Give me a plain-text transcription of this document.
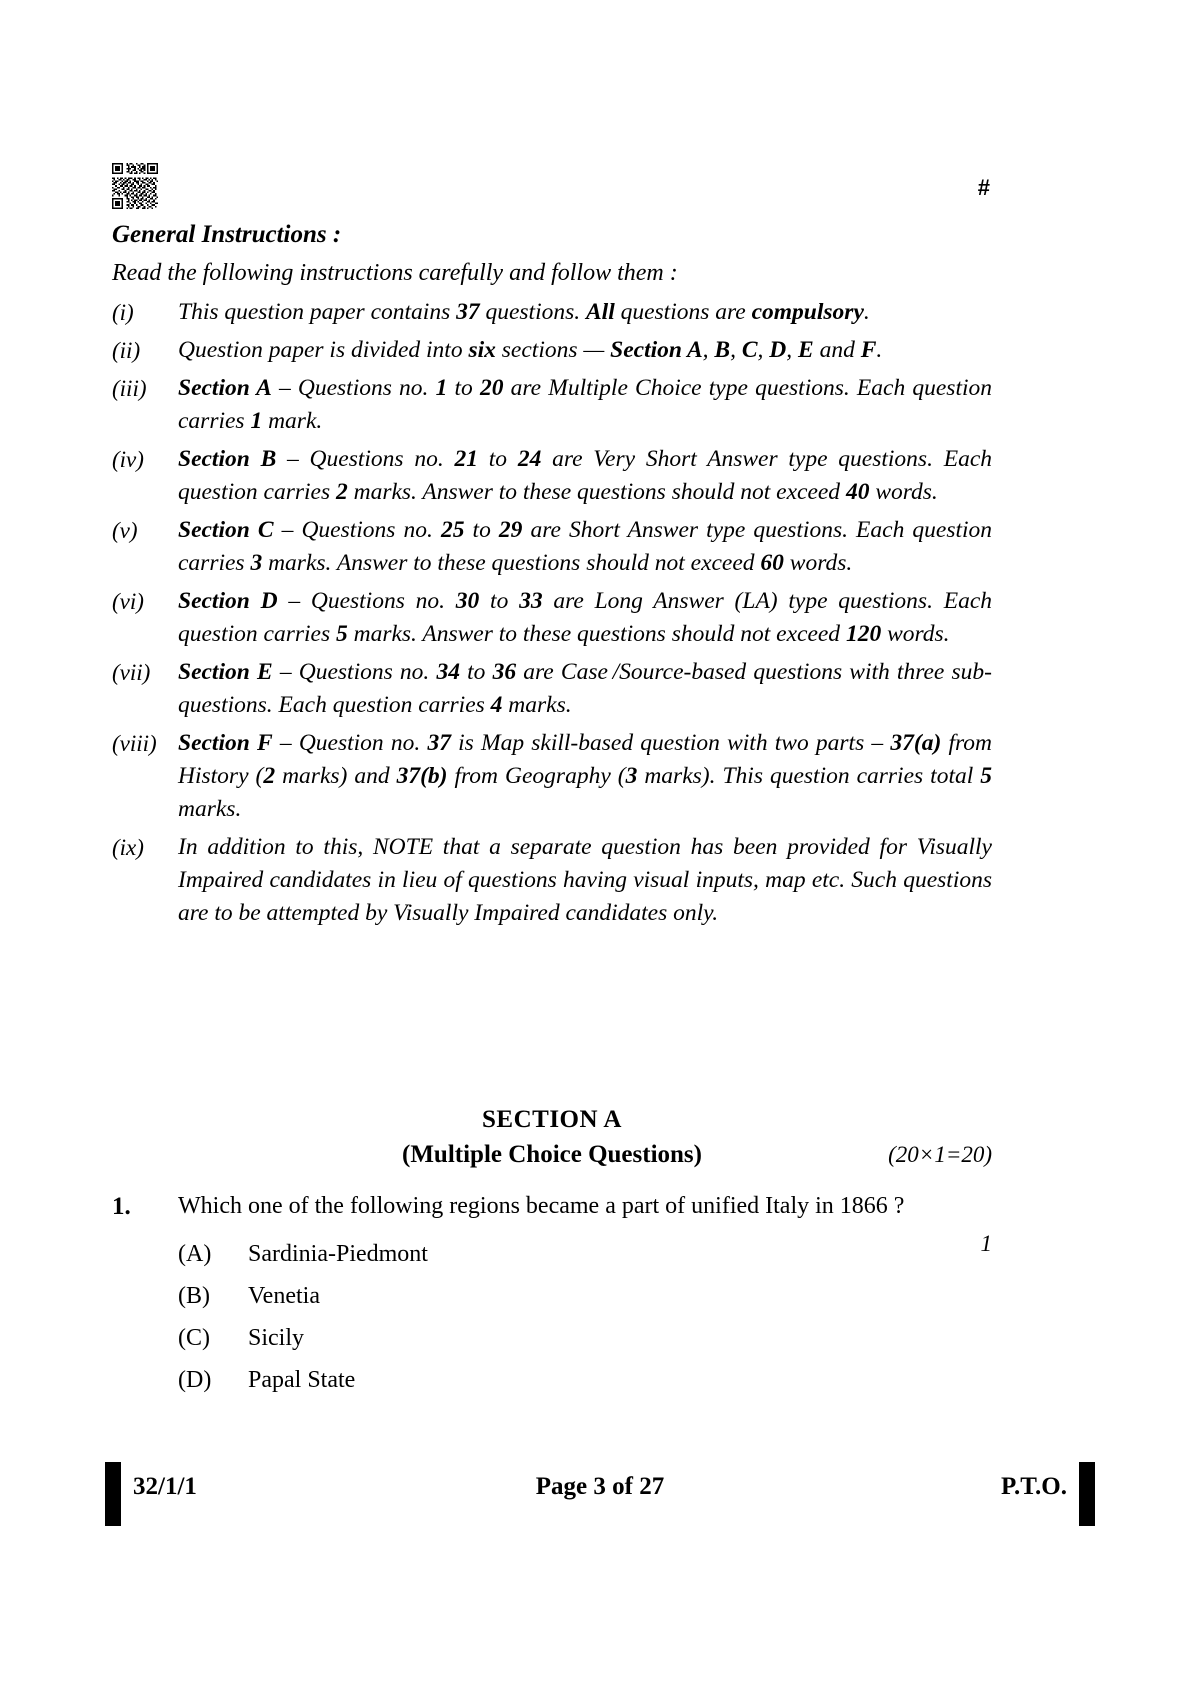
#
General Instructions :
Read the following instructions carefully and follow them :
(i)	This question paper contains 37 questions. All questions are compulsory.
(ii)	Question paper is divided into six sections — Section A, B, C, D, E and F.
(iii)	Section A – Questions no. 1 to 20 are Multiple Choice type questions. Each question carries 1 mark.
(iv)	Section B – Questions no. 21 to 24 are Very Short Answer type questions. Each question carries 2 marks. Answer to these questions should not exceed 40 words.
(v)	Section C – Questions no. 25 to 29 are Short Answer type questions. Each question carries 3 marks. Answer to these questions should not exceed 60 words.
(vi)	Section D – Questions no. 30 to 33 are Long Answer (LA) type questions. Each question carries 5 marks. Answer to these questions should not exceed 120 words.
(vii)	Section E – Questions no. 34 to 36 are Case /Source-based questions with three sub-questions. Each question carries 4 marks.
(viii) Section F – Question no. 37 is Map skill-based question with two parts – 37(a) from History (2 marks) and 37(b) from Geography (3 marks). This question carries total 5 marks.
(ix)	In addition to this, NOTE that a separate question has been provided for Visually Impaired candidates in lieu of questions having visual inputs, map etc. Such questions are to be attempted by Visually Impaired candidates only.
SECTION A
(Multiple Choice Questions)	(20×1=20)
1.	Which one of the following regions became a part of unified Italy in 1866 ?
1
(A)	Sardinia-Piedmont
(B)	Venetia
(C)	Sicily
(D)	Papal State
32/1/1	Page 3 of 27	P.T.O.
